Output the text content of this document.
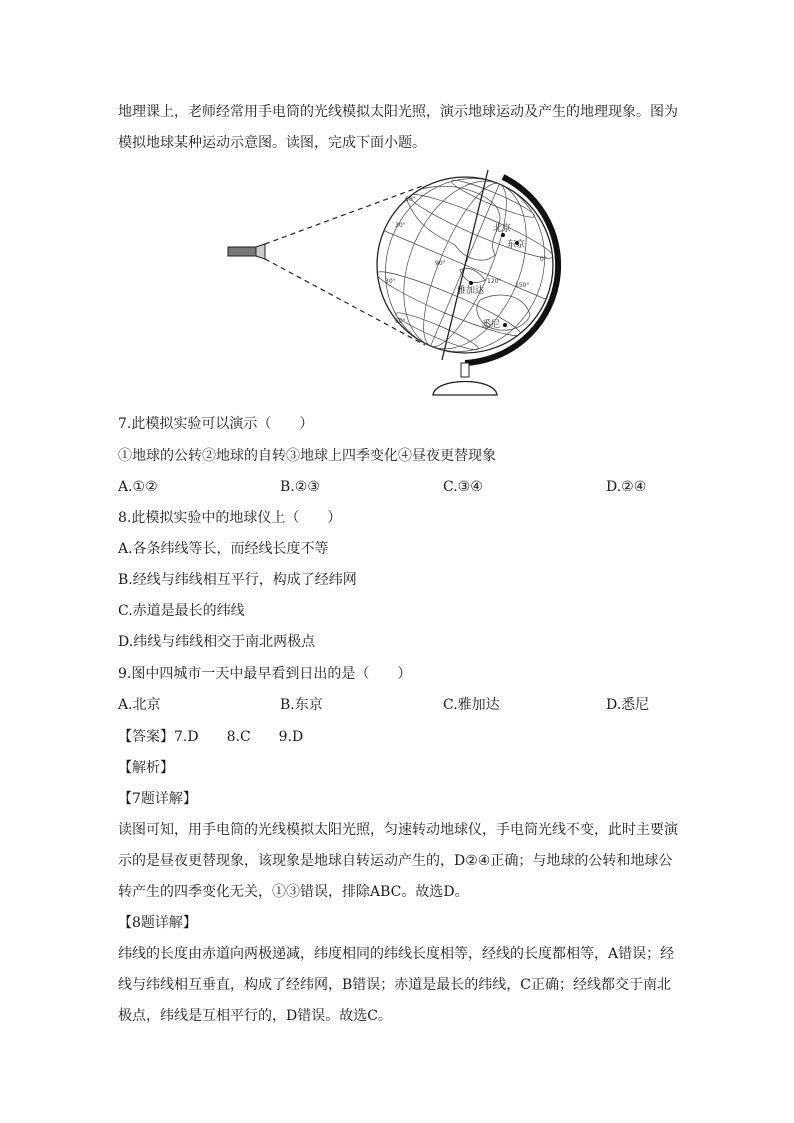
地理课上，老师经常用手电筒的光线模拟太阳光照，演示地球运动及产生的地理现象。图为
模拟地球某种运动示意图。读图，完成下面小题。
北京
东京
雅加达
悉尼
60°
30°
30°
60°
90°
150°
120°
0°
7.此模拟实验可以演示（　　）
①地球的公转②地球的自转③地球上四季变化④昼夜更替现象
A.①②	B.②③	C.③④	D.②④
8.此模拟实验中的地球仪上（　　）
A.各条纬线等长，而经线长度不等
B.经线与纬线相互平行，构成了经纬网
C.赤道是最长的纬线
D.纬线与纬线相交于南北两极点
9.图中四城市一天中最早看到日出的是（　　）
A.北京	B.东京	C.雅加达	D.悉尼
【答案】7.D　　8.C　　9.D
【解析】
【7题详解】
读图可知，用手电筒的光线模拟太阳光照，匀速转动地球仪，手电筒光线不变，此时主要演
示的是昼夜更替现象，该现象是地球自转运动产生的，D②④正确；与地球的公转和地球公
转产生的四季变化无关，①③错误，排除ABC。故选D。
【8题详解】
纬线的长度由赤道向两极递减，纬度相同的纬线长度相等，经线的长度都相等，A错误；经
线与纬线相互垂直，构成了经纬网，B错误；赤道是最长的纬线，C正确；经线都交于南北
极点，纬线是互相平行的，D错误。故选C。
